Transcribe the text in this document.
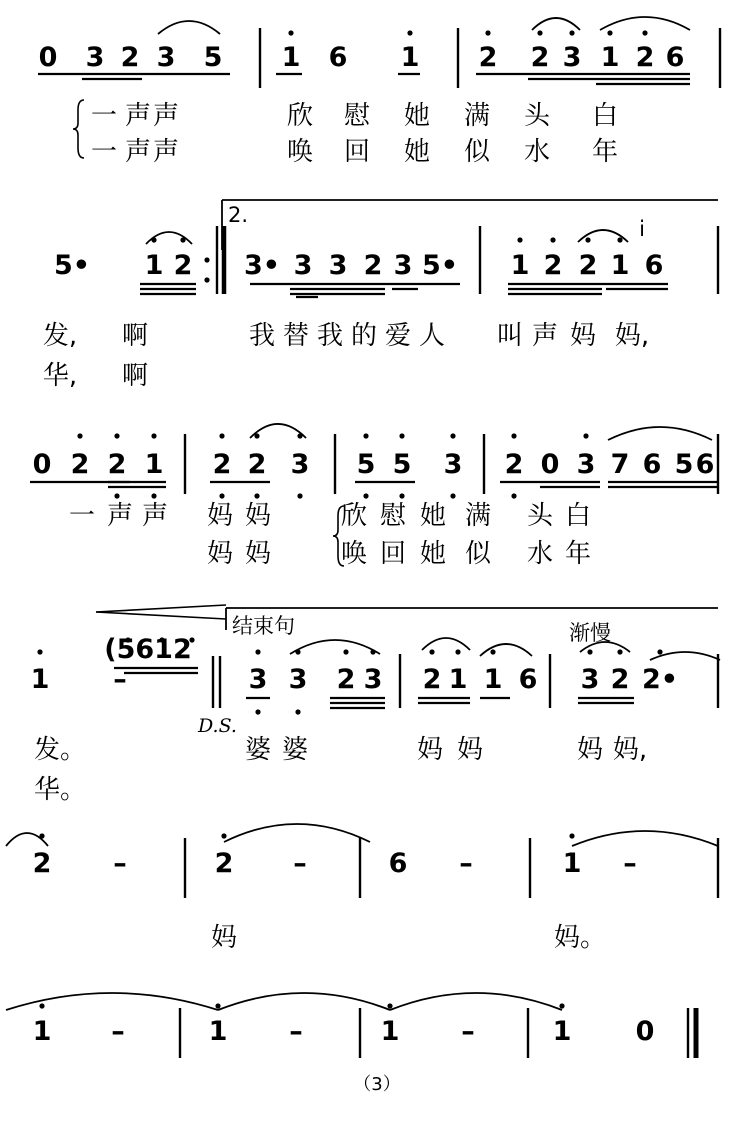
0 3 2 3 5 1 6 1 2 2 3 1 2 6
一 声 声	欣 慰 她 满 头 白
一 声 声	唤 回 她 似 水 年
5• 1 2 3• 3 3 2 3 5• 1 2 2 1 6
i
2.
发, 啊	我 替 我 的 爱 人 叫 声 妈 妈,
华, 啊
0 2 2 1 2 2 3 5 5 3 2 0 3 7 6 5 6
一 声 声 妈 妈	欣 慰 她 满 头 白
妈 妈	唤 回 她 似 水 年
1 –	3 3 2 3 2 1 1 6 3 2 2•
(5612
结束句	渐慢
D.S.
发。	婆 婆	妈 妈	妈 妈,
华。
2 –	2 –	6 –	1 –
妈	妈。
1 –	1 –	1 –	1 0
（3）
